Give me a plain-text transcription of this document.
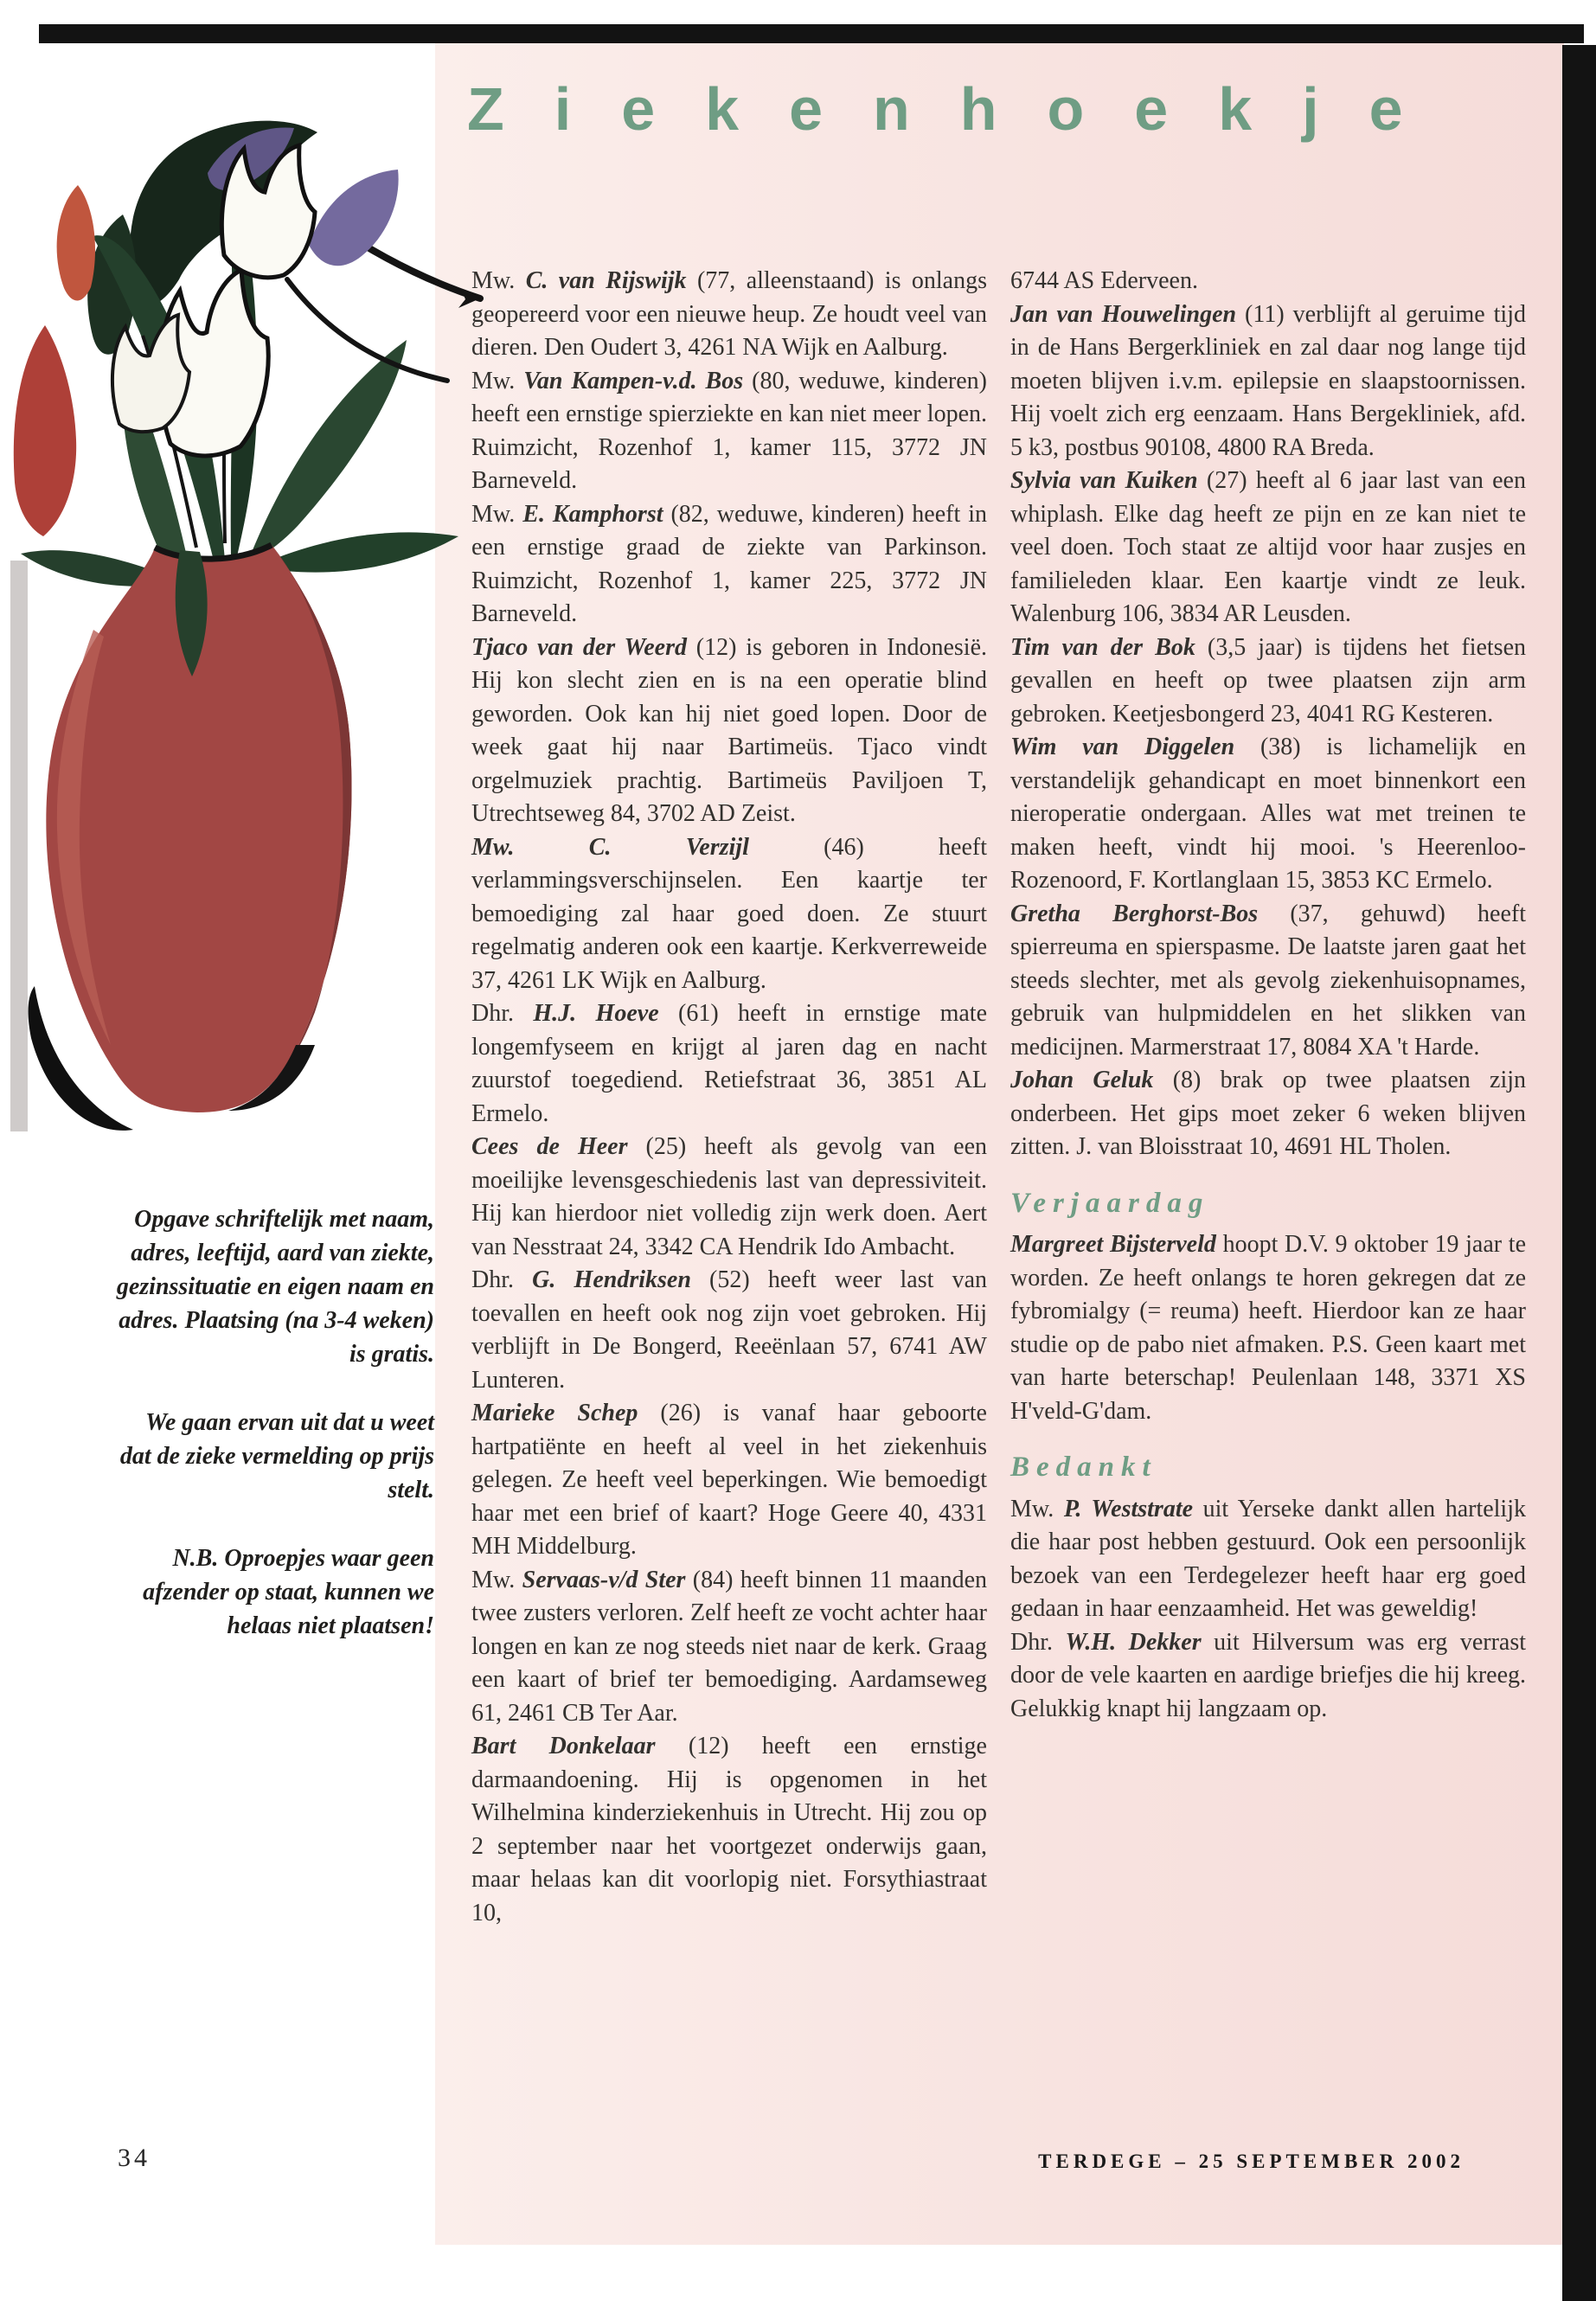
Ziekenhoekje

Opgave schriftelijk met naam, adres, leeftijd, aard van ziekte, gezinssituatie en eigen naam en adres. Plaatsing (na 3-4 weken) is gratis.

We gaan ervan uit dat u weet dat de zieke vermelding op prijs stelt.

N.B. Oproepjes waar geen afzender op staat, kunnen we helaas niet plaatsen!

Mw. C. van Rijswijk (77, alleenstaand) is onlangs geopereerd voor een nieuwe heup. Ze houdt veel van dieren. Den Oudert 3, 4261 NA Wijk en Aalburg.

Mw. Van Kampen-v.d. Bos (80, weduwe, kinderen) heeft een ernstige spierziekte en kan niet meer lopen. Ruimzicht, Rozenhof 1, kamer 115, 3772 JN Barneveld.

Mw. E. Kamphorst (82, weduwe, kinderen) heeft in een ernstige graad de ziekte van Parkinson. Ruimzicht, Rozenhof 1, kamer 225, 3772 JN Barneveld.

Tjaco van der Weerd (12) is geboren in Indonesië. Hij kon slecht zien en is na een operatie blind geworden. Ook kan hij niet goed lopen. Door de week gaat hij naar Bartimeüs. Tjaco vindt orgelmuziek prachtig. Bartimeüs Paviljoen T, Utrechtseweg 84, 3702 AD Zeist.

Mw. C. Verzijl (46) heeft verlammingsverschijnselen. Een kaartje ter bemoediging zal haar goed doen. Ze stuurt regelmatig anderen ook een kaartje. Kerkverreweide 37, 4261 LK Wijk en Aalburg.

Dhr. H.J. Hoeve (61) heeft in ernstige mate longemfyseem en krijgt al jaren dag en nacht zuurstof toegediend. Retiefstraat 36, 3851 AL Ermelo.

Cees de Heer (25) heeft als gevolg van een moeilijke levensgeschiedenis last van depressiviteit. Hij kan hierdoor niet volledig zijn werk doen. Aert van Nesstraat 24, 3342 CA Hendrik Ido Ambacht.

Dhr. G. Hendriksen (52) heeft weer last van toevallen en heeft ook nog zijn voet gebroken. Hij verblijft in De Bongerd, Reeënlaan 57, 6741 AW Lunteren.

Marieke Schep (26) is vanaf haar geboorte hartpatiënte en heeft al veel in het ziekenhuis gelegen. Ze heeft veel beperkingen. Wie bemoedigt haar met een brief of kaart? Hoge Geere 40, 4331 MH Middelburg.

Mw. Servaas-v/d Ster (84) heeft binnen 11 maanden twee zusters verloren. Zelf heeft ze vocht achter haar longen en kan ze nog steeds niet naar de kerk. Graag een kaart of brief ter bemoediging. Aardamseweg 61, 2461 CB Ter Aar.

Bart Donkelaar (12) heeft een ernstige darmaandoening. Hij is opgenomen in het Wilhelmina kinderziekenhuis in Utrecht. Hij zou op 2 september naar het voortgezet onderwijs gaan, maar helaas kan dit voorlopig niet. Forsythiastraat 10,

6744 AS Ederveen.

Jan van Houwelingen (11) verblijft al geruime tijd in de Hans Bergerkliniek en zal daar nog lange tijd moeten blijven i.v.m. epilepsie en slaapstoornissen. Hij voelt zich erg eenzaam. Hans Bergekliniek, afd. 5 k3, postbus 90108, 4800 RA Breda.

Sylvia van Kuiken (27) heeft al 6 jaar last van een whiplash. Elke dag heeft ze pijn en ze kan niet te veel doen. Toch staat ze altijd voor haar zusjes en familieleden klaar. Een kaartje vindt ze leuk. Walenburg 106, 3834 AR Leusden.

Tim van der Bok (3,5 jaar) is tijdens het fietsen gevallen en heeft op twee plaatsen zijn arm gebroken. Keetjesbongerd 23, 4041 RG Kesteren.

Wim van Diggelen (38) is lichamelijk en verstandelijk gehandicapt en moet binnenkort een nieroperatie ondergaan. Alles wat met treinen te maken heeft, vindt hij mooi. 's Heerenloo-Rozenoord, F. Kortlanglaan 15, 3853 KC Ermelo.

Gretha Berghorst-Bos (37, gehuwd) heeft spierreuma en spierspasme. De laatste jaren gaat het steeds slechter, met als gevolg ziekenhuisopnames, gebruik van hulpmiddelen en het slikken van medicijnen. Marmerstraat 17, 8084 XA 't Harde.

Johan Geluk (8) brak op twee plaatsen zijn onderbeen. Het gips moet zeker 6 weken blijven zitten. J. van Bloisstraat 10, 4691 HL Tholen.

Verjaardag

Margreet Bijsterveld hoopt D.V. 9 oktober 19 jaar te worden. Ze heeft onlangs te horen gekregen dat ze fybromialgy (= reuma) heeft. Hierdoor kan ze haar studie op de pabo niet afmaken. P.S. Geen kaart met van harte beterschap! Peulenlaan 148, 3371 XS H'veld-G'dam.

Bedankt

Mw. P. Weststrate uit Yerseke dankt allen hartelijk die haar post hebben gestuurd. Ook een persoonlijk bezoek van een Terdegelezer heeft haar erg goed gedaan in haar eenzaamheid. Het was geweldig!

Dhr. W.H. Dekker uit Hilversum was erg verrast door de vele kaarten en aardige briefjes die hij kreeg. Gelukkig knapt hij langzaam op.

34	TERDEGE – 25 SEPTEMBER 2002
